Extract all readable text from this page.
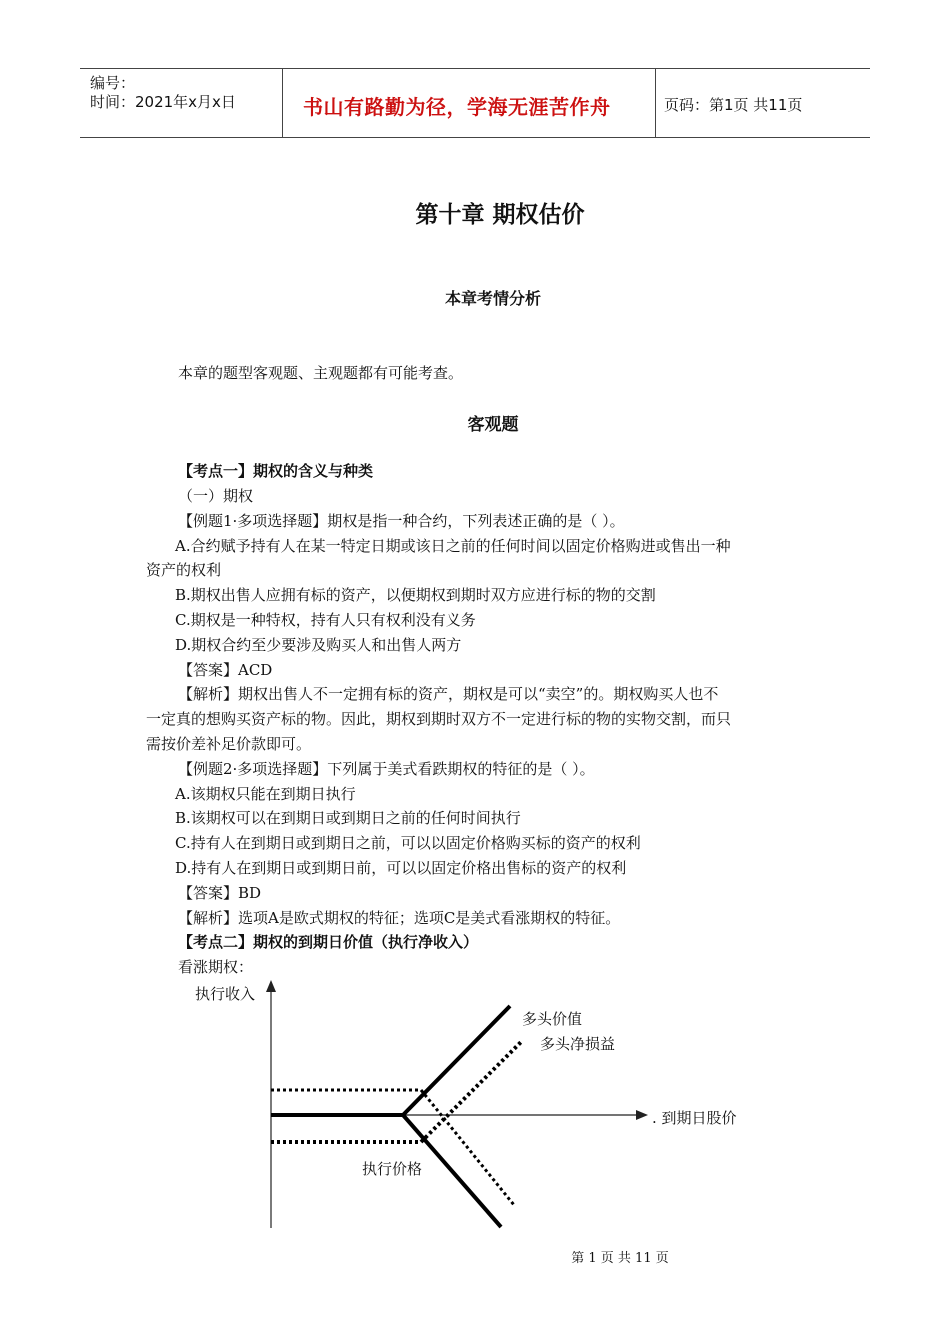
编号：
时间：2021年x月x日	书山有路勤为径，学海无涯苦作舟	页码：第1页 共11页
第十章 期权估价
本章考情分析
本章的题型客观题、主观题都有可能考查。
客观题
【考点一】期权的含义与种类
（一）期权
【例题1·多项选择题】期权是指一种合约，下列表述正确的是（ ）。
A.合约赋予持有人在某一特定日期或该日之前的任何时间以固定价格购进或售出一种
资产的权利
B.期权出售人应拥有标的资产，以便期权到期时双方应进行标的物的交割
C.期权是一种特权，持有人只有权利没有义务
D.期权合约至少要涉及购买人和出售人两方
【答案】ACD
【解析】期权出售人不一定拥有标的资产，期权是可以“卖空”的。期权购买人也不
一定真的想购买资产标的物。因此，期权到期时双方不一定进行标的物的实物交割，而只
需按价差补足价款即可。
【例题2·多项选择题】下列属于美式看跌期权的特征的是（ ）。
A.该期权只能在到期日执行
B.该期权可以在到期日或到期日之前的任何时间执行
C.持有人在到期日或到期日之前，可以以固定价格购买标的资产的权利
D.持有人在到期日或到期日前，可以以固定价格出售标的资产的权利
【答案】BD
【解析】选项A是欧式期权的特征；选项C是美式看涨期权的特征。
【考点二】期权的到期日价值（执行净收入）
看涨期权：
执行收入
. 到期日股价
执行价格
多头价值
多头净损益
第 1 页 共 11 页
